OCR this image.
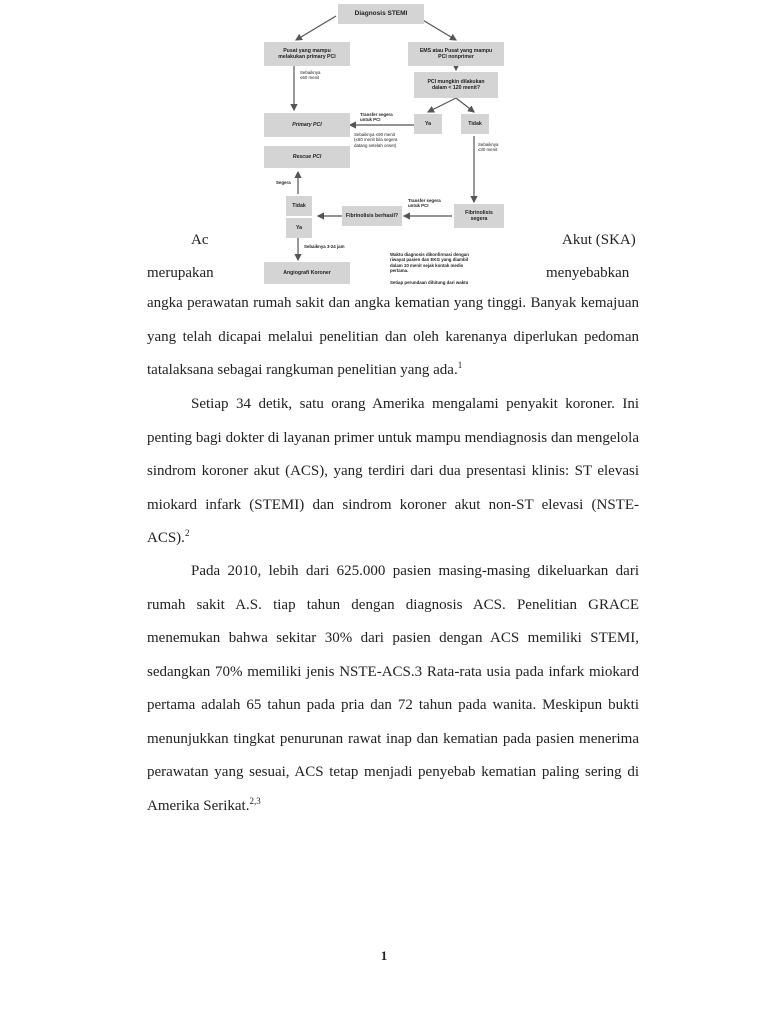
Ac	Akut (SKA)
merupakan	menyebabkan

angka perawatan rumah sakit dan angka kematian yang tinggi. Banyak kemajuan yang telah dicapai melalui penelitian dan oleh karenanya diperlukan pedoman tatalaksana sebagai rangkuman penelitian yang ada.$^1$

Setiap 34 detik, satu orang Amerika mengalami penyakit koroner. Ini penting bagi dokter di layanan primer untuk mampu mendiagnosis dan mengelola sindrom koroner akut (ACS), yang terdiri dari dua presentasi klinis: ST elevasi miokard infark (STEMI) dan sindrom koroner akut non-ST elevasi (NSTE-ACS).$^2$

Pada 2010, lebih dari 625.000 pasien masing-masing dikeluarkan dari rumah sakit A.S. tiap tahun dengan diagnosis ACS. Penelitian GRACE menemukan bahwa sekitar 30% dari pasien dengan ACS memiliki STEMI, sedangkan 70% memiliki jenis NSTE-ACS.3 Rata-rata usia pada infark miokard pertama adalah 65 tahun pada pria dan 72 tahun pada wanita. Meskipun bukti menunjukkan tingkat penurunan rawat inap dan kematian pada pasien menerima perawatan yang sesuai, ACS tetap menjadi penyebab kematian paling sering di Amerika Serikat.$^{2,3}$

Diagnosis STEMI
Pusat yang mampu
melakukan primary PCI
EMS atau Pusat yang mampu
PCI nonprimer
Sebaiknya
≤60 menit
PCI mungkin dilakukan
dalam < 120 menit?
Transfer segera
untuk PCI
Primary PCI	Ya	Tidak
Sebaiknya ≤90 menit
(≤60 menit bila segera
datang setelah onset)
Rescue PCI
Sebaiknya
≤30 menit
Segera
Transfer segera
untuk PCI
Tidak
Fibrinolisis berhasil?
Fibrinolisis
segera
Ya
Sebaiknya 3-24 jam
Waktu diagnosis dikonfirmasi dengan
riwayat pasien dan EKG yang diambil
dalam 10 menit sejak kontak medis
pertama.
Setiap perundaan dihitung dari waktu
Angiografi Koroner
1
